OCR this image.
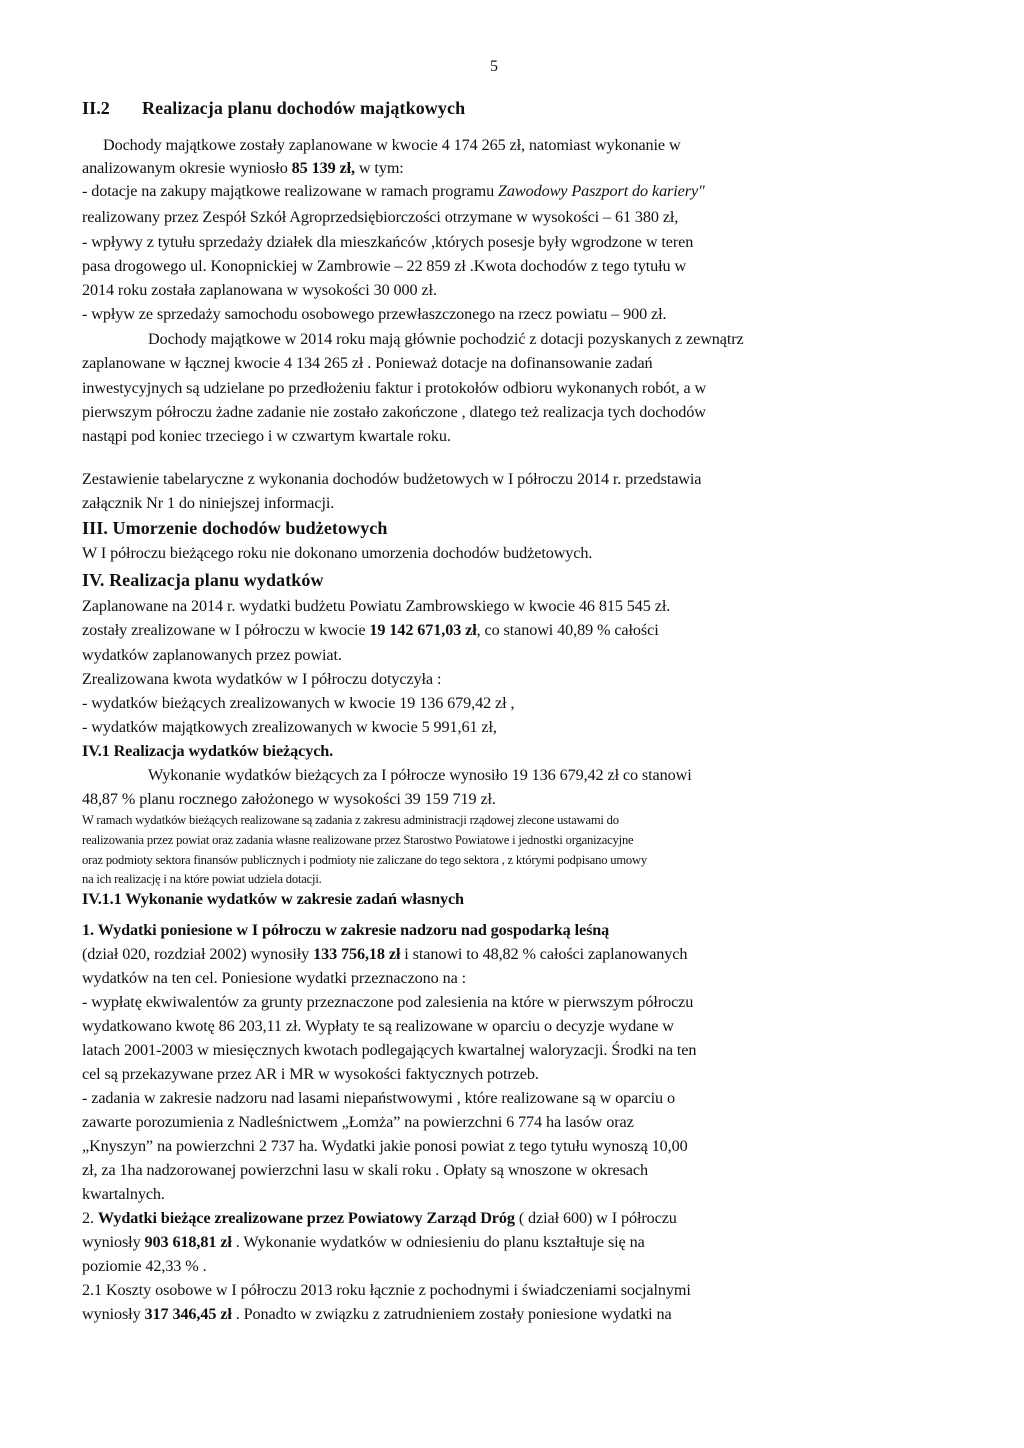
5
II.2 Realizacja planu dochodów majątkowych
Dochody majątkowe zostały zaplanowane w kwocie 4 174 265 zł, natomiast wykonanie w
analizowanym okresie wyniosło 85 139 zł, w tym:
- dotacje na zakupy majątkowe realizowane w ramach programu Zawodowy Paszport do kariery"
realizowany przez Zespół Szkół Agroprzedsiębiorczości otrzymane w wysokości – 61 380 zł,
- wpływy z tytułu sprzedaży działek dla mieszkańców ,których posesje były wgrodzone w teren
pasa drogowego ul. Konopnickiej w Zambrowie – 22 859 zł .Kwota dochodów z tego tytułu w
2014 roku została zaplanowana w wysokości 30 000 zł.
- wpływ ze sprzedaży samochodu osobowego przewłaszczonego na rzecz powiatu – 900 zł.
Dochody majątkowe w 2014 roku mają głównie pochodzić z dotacji pozyskanych z zewnątrz
zaplanowane w łącznej kwocie 4 134 265 zł . Ponieważ dotacje na dofinansowanie zadań
inwestycyjnych są udzielane po przedłożeniu faktur i protokołów odbioru wykonanych robót, a w
pierwszym półroczu żadne zadanie nie zostało zakończone , dlatego też realizacja tych dochodów
nastąpi pod koniec trzeciego i w czwartym kwartale roku.
Zestawienie tabelaryczne z wykonania dochodów budżetowych w I półroczu 2014 r. przedstawia
załącznik Nr 1 do niniejszej informacji.
III. Umorzenie dochodów budżetowych
W I półroczu bieżącego roku nie dokonano umorzenia dochodów budżetowych.
IV. Realizacja planu wydatków
Zaplanowane na 2014 r. wydatki budżetu Powiatu Zambrowskiego w kwocie 46 815 545 zł.
zostały zrealizowane w I półroczu w kwocie 19 142 671,03 zł, co stanowi 40,89 % całości
wydatków zaplanowanych przez powiat.
Zrealizowana kwota wydatków w I półroczu dotyczyła :
- wydatków bieżących zrealizowanych w kwocie 19 136 679,42 zł ,
- wydatków majątkowych zrealizowanych w kwocie 5 991,61 zł,
IV.1 Realizacja wydatków bieżących.
Wykonanie wydatków bieżących za I półrocze wynosiło 19 136 679,42 zł co stanowi
48,87 % planu rocznego założonego w wysokości 39 159 719 zł.
W ramach wydatków bieżących realizowane są zadania z zakresu administracji rządowej zlecone ustawami do
realizowania przez powiat oraz zadania własne realizowane przez Starostwo Powiatowe i jednostki organizacyjne
oraz podmioty sektora finansów publicznych i podmioty nie zaliczane do tego sektora , z którymi podpisano umowy
na ich realizację i na które powiat udziela dotacji.
IV.1.1 Wykonanie wydatków w zakresie zadań własnych
1. Wydatki poniesione w I półroczu w zakresie nadzoru nad gospodarką leśną
(dział 020, rozdział 2002) wynosiły 133 756,18 zł i stanowi to 48,82 % całości zaplanowanych
wydatków na ten cel. Poniesione wydatki przeznaczono na :
- wypłatę ekwiwalentów za grunty przeznaczone pod zalesienia na które w pierwszym półroczu
wydatkowano kwotę 86 203,11 zł. Wypłaty te są realizowane w oparciu o decyzje wydane w
latach 2001-2003 w miesięcznych kwotach podlegających kwartalnej waloryzacji. Środki na ten
cel są przekazywane przez AR i MR w wysokości faktycznych potrzeb.
- zadania w zakresie nadzoru nad lasami niepaństwowymi , które realizowane są w oparciu o
zawarte porozumienia z Nadleśnictwem „Łomża” na powierzchni 6 774 ha lasów oraz
„Knyszyn” na powierzchni 2 737 ha. Wydatki jakie ponosi powiat z tego tytułu wynoszą 10,00
zł, za 1ha nadzorowanej powierzchni lasu w skali roku . Opłaty są wnoszone w okresach
kwartalnych.
2. Wydatki bieżące zrealizowane przez Powiatowy Zarząd Dróg ( dział 600) w I półroczu
wyniosły 903 618,81 zł . Wykonanie wydatków w odniesieniu do planu kształtuje się na
poziomie 42,33 % .
2.1 Koszty osobowe w I półroczu 2013 roku łącznie z pochodnymi i świadczeniami socjalnymi
wyniosły 317 346,45 zł . Ponadto w związku z zatrudnieniem zostały poniesione wydatki na
